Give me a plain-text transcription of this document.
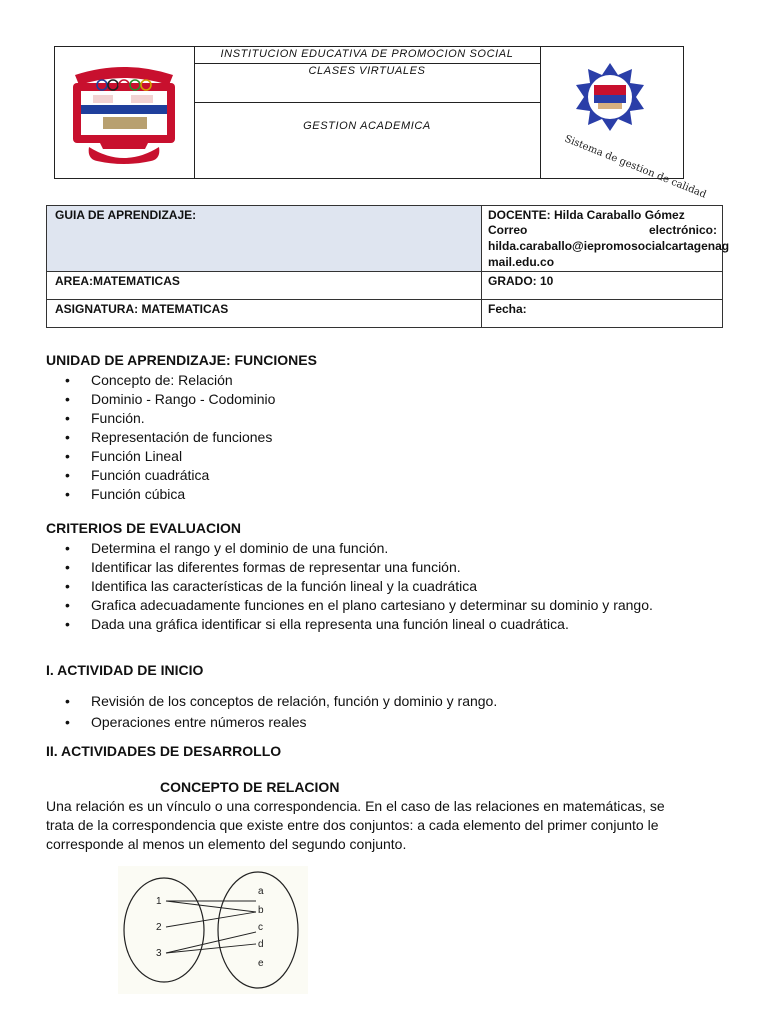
INSTITUCION EDUCATIVA DE PROMOCION SOCIAL
CLASES VIRTUALES
GESTION ACADEMICA
Sistema de gestion de calidad
GUIA DE APRENDIZAJE:	DOCENTE: Hilda Caraballo Gómez
Correo	electrónico:
hilda.caraballo@iepromosocialcartagenag
mail.edu.co
AREA:MATEMATICAS	GRADO: 10
ASIGNATURA: MATEMATICAS	Fecha:
UNIDAD DE APRENDIZAJE: FUNCIONES
• Concepto de: Relación
• Dominio - Rango - Codominio
• Función.
• Representación de funciones
• Función Lineal
• Función cuadrática
• Función cúbica
CRITERIOS DE EVALUACION
• Determina el rango y el dominio de una función.
• Identificar las diferentes formas de representar una función.
• Identifica las características de la función lineal y la cuadrática
• Grafica adecuadamente funciones en el plano cartesiano y determinar su dominio y rango.
• Dada una gráfica identificar si ella representa una función lineal o cuadrática.
I. ACTIVIDAD DE INICIO
• Revisión de los conceptos de relación, función y dominio y rango.
• Operaciones entre números reales
II. ACTIVIDADES DE DESARROLLO
CONCEPTO DE RELACION
Una relación es un vínculo o una correspondencia. En el caso de las relaciones en matemáticas, se
trata de la correspondencia que existe entre dos conjuntos: a cada elemento del primer conjunto le
corresponde al menos un elemento del segundo conjunto.
1
2
3
a
b
c
d
e
